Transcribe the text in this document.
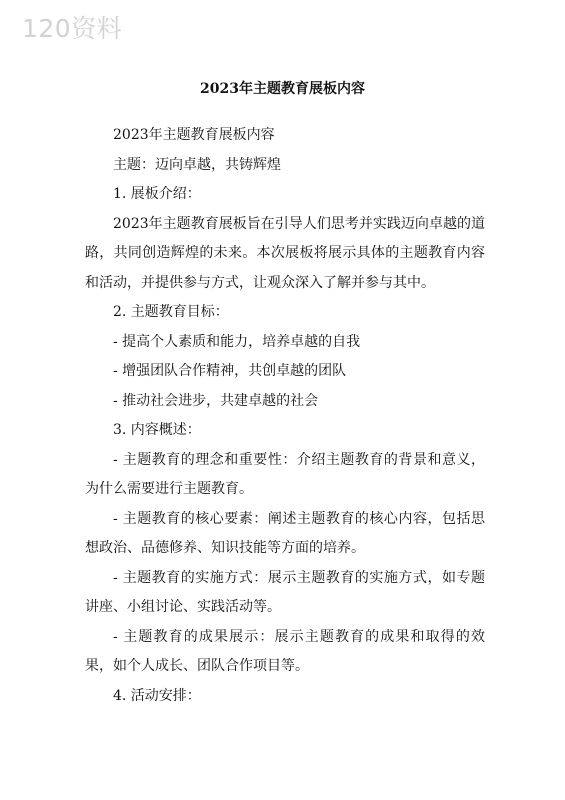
120资料
2023年主题教育展板内容

2023年主题教育展板内容

主题：迈向卓越，共铸辉煌

1. 展板介绍：

2023年主题教育展板旨在引导人们思考并实践迈向卓越的道路，共同创造辉煌的未来。本次展板将展示具体的主题教育内容和活动，并提供参与方式，让观众深入了解并参与其中。

2. 主题教育目标：

- 提高个人素质和能力，培养卓越的自我

- 增强团队合作精神，共创卓越的团队

- 推动社会进步，共建卓越的社会

3. 内容概述：

- 主题教育的理念和重要性：介绍主题教育的背景和意义，为什么需要进行主题教育。

- 主题教育的核心要素：阐述主题教育的核心内容，包括思想政治、品德修养、知识技能等方面的培养。

- 主题教育的实施方式：展示主题教育的实施方式，如专题讲座、小组讨论、实践活动等。

- 主题教育的成果展示：展示主题教育的成果和取得的效果，如个人成长、团队合作项目等。

4. 活动安排：
